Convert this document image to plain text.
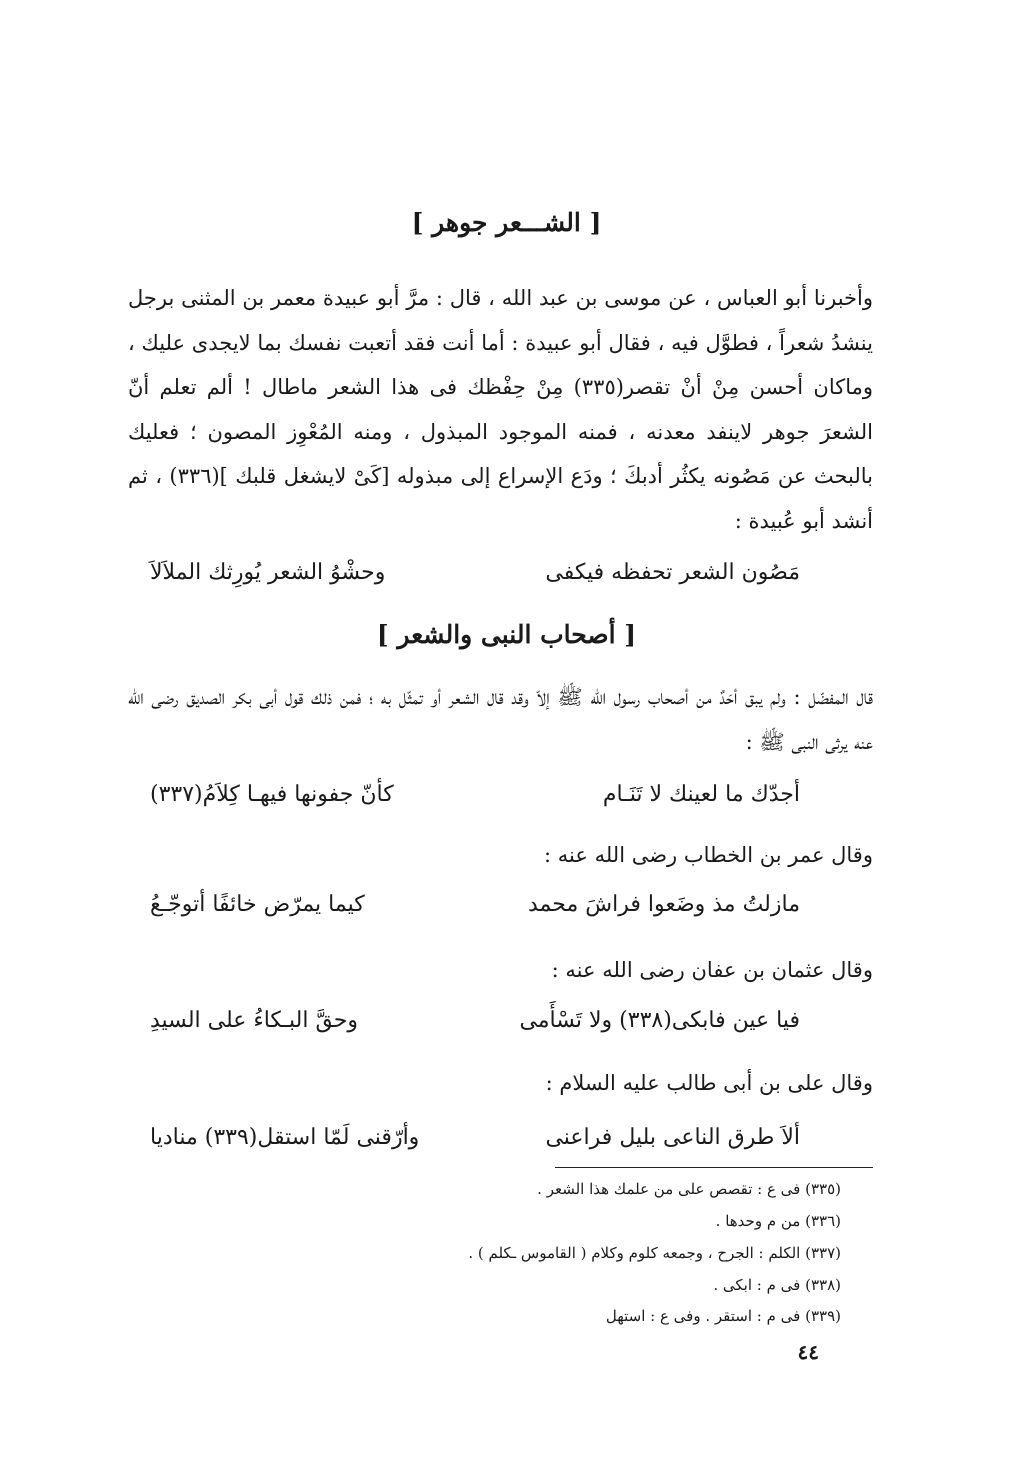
[ الشـــعر جوهر ]
وأخبرنا أبو العباس ، عن موسى بن عبد الله ، قال : مرَّ أبو عبيدة معمر بن المثنى برجل ينشدُ شعراً ، فطوَّل فيه ، فقال أبو عبيدة : أما أنت فقد أتعبت نفسك بما لايجدى عليك ، وماكان أحسن مِنْ أنْ تقصر(٣٣٥) مِنْ حِفْظك فى هذا الشعر ماطال ! ألم تعلم أنّ الشعرَ جوهر لاينفد معدنه ، فمنه الموجود المبذول ، ومنه المُعْوِز المصون ؛ فعليك بالبحث عن مَصُونه يكثُر أدبكَ ؛ ودَع الإسراع إلى مبذوله [كَىْ لايشغل قلبك ](٣٣٦) ، ثم أنشد أبو عُبيدة :
مَصُون الشعر تحفظه فيكفى
وحشْوُ الشعر يُورِثك الملاَلاَ
[ أصحاب النبى والشعر ]
قال المفضّل : ولم يبق أحَدٌ من أصحاب رسول الله ﷺ إلاّ وقد قال الشعر أو تمثّل به ؛ فمن ذلك قول أبى بكر الصديق رضى الله عنه يرثى النبى ﷺ :
أجدّك ما لعينك لا تَنَـام
كأنّ جفونها فيهـا كِلاَمُ(٣٣٧)
وقال عمر بن الخطاب رضى الله عنه :
مازلتُ مذ وضَعوا فراشَ محمد
كيما يمرّض خائفًا أتوجّـعُ
وقال عثمان بن عفان رضى الله عنه :
فيا عين فابكى(٣٣٨) ولا تَسْأَمى
وحقَّ البـكاءُ على السيدِ
وقال على بن أبى طالب عليه السلام :
ألاَ طرق الناعى بليل فراعنى
وأرّقنى لَمّا استقل(٣٣٩) مناديا
(٣٣٥) فى ع : تقصص على من علمك هذا الشعر .
(٣٣٦) من م وحدها .
(٣٣٧) الكلم : الجرح ، وجمعه كلوم وكلام ( القاموس ـكلم ) .
(٣٣٨) فى م : ابكى .
(٣٣٩) فى م : استقر . وفى ع : استهل
٤٤
